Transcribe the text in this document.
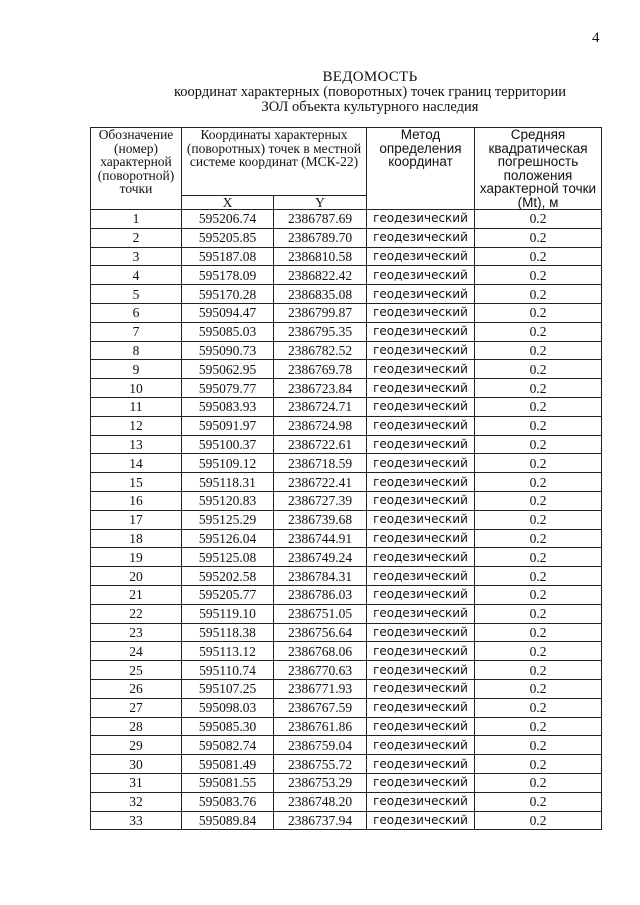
4
ВЕДОМОСТЬ
координат характерных (поворотных) точек границ территории
ЗОЛ объекта культурного наследия
Обозначение (номер) характерной (поворотной) точки	Координаты характерных (поворотных) точек в местной системе координат (МСК-22)		Метод определения координат	Средняя квадратическая погрешность положения характерной точки (Mt), м
	X	Y		
1	595206.74	2386787.69	геодезический	0.2
2	595205.85	2386789.70	геодезический	0.2
3	595187.08	2386810.58	геодезический	0.2
4	595178.09	2386822.42	геодезический	0.2
5	595170.28	2386835.08	геодезический	0.2
6	595094.47	2386799.87	геодезический	0.2
7	595085.03	2386795.35	геодезический	0.2
8	595090.73	2386782.52	геодезический	0.2
9	595062.95	2386769.78	геодезический	0.2
10	595079.77	2386723.84	геодезический	0.2
11	595083.93	2386724.71	геодезический	0.2
12	595091.97	2386724.98	геодезический	0.2
13	595100.37	2386722.61	геодезический	0.2
14	595109.12	2386718.59	геодезический	0.2
15	595118.31	2386722.41	геодезический	0.2
16	595120.83	2386727.39	геодезический	0.2
17	595125.29	2386739.68	геодезический	0.2
18	595126.04	2386744.91	геодезический	0.2
19	595125.08	2386749.24	геодезический	0.2
20	595202.58	2386784.31	геодезический	0.2
21	595205.77	2386786.03	геодезический	0.2
22	595119.10	2386751.05	геодезический	0.2
23	595118.38	2386756.64	геодезический	0.2
24	595113.12	2386768.06	геодезический	0.2
25	595110.74	2386770.63	геодезический	0.2
26	595107.25	2386771.93	геодезический	0.2
27	595098.03	2386767.59	геодезический	0.2
28	595085.30	2386761.86	геодезический	0.2
29	595082.74	2386759.04	геодезический	0.2
30	595081.49	2386755.72	геодезический	0.2
31	595081.55	2386753.29	геодезический	0.2
32	595083.76	2386748.20	геодезический	0.2
33	595089.84	2386737.94	геодезический	0.2
